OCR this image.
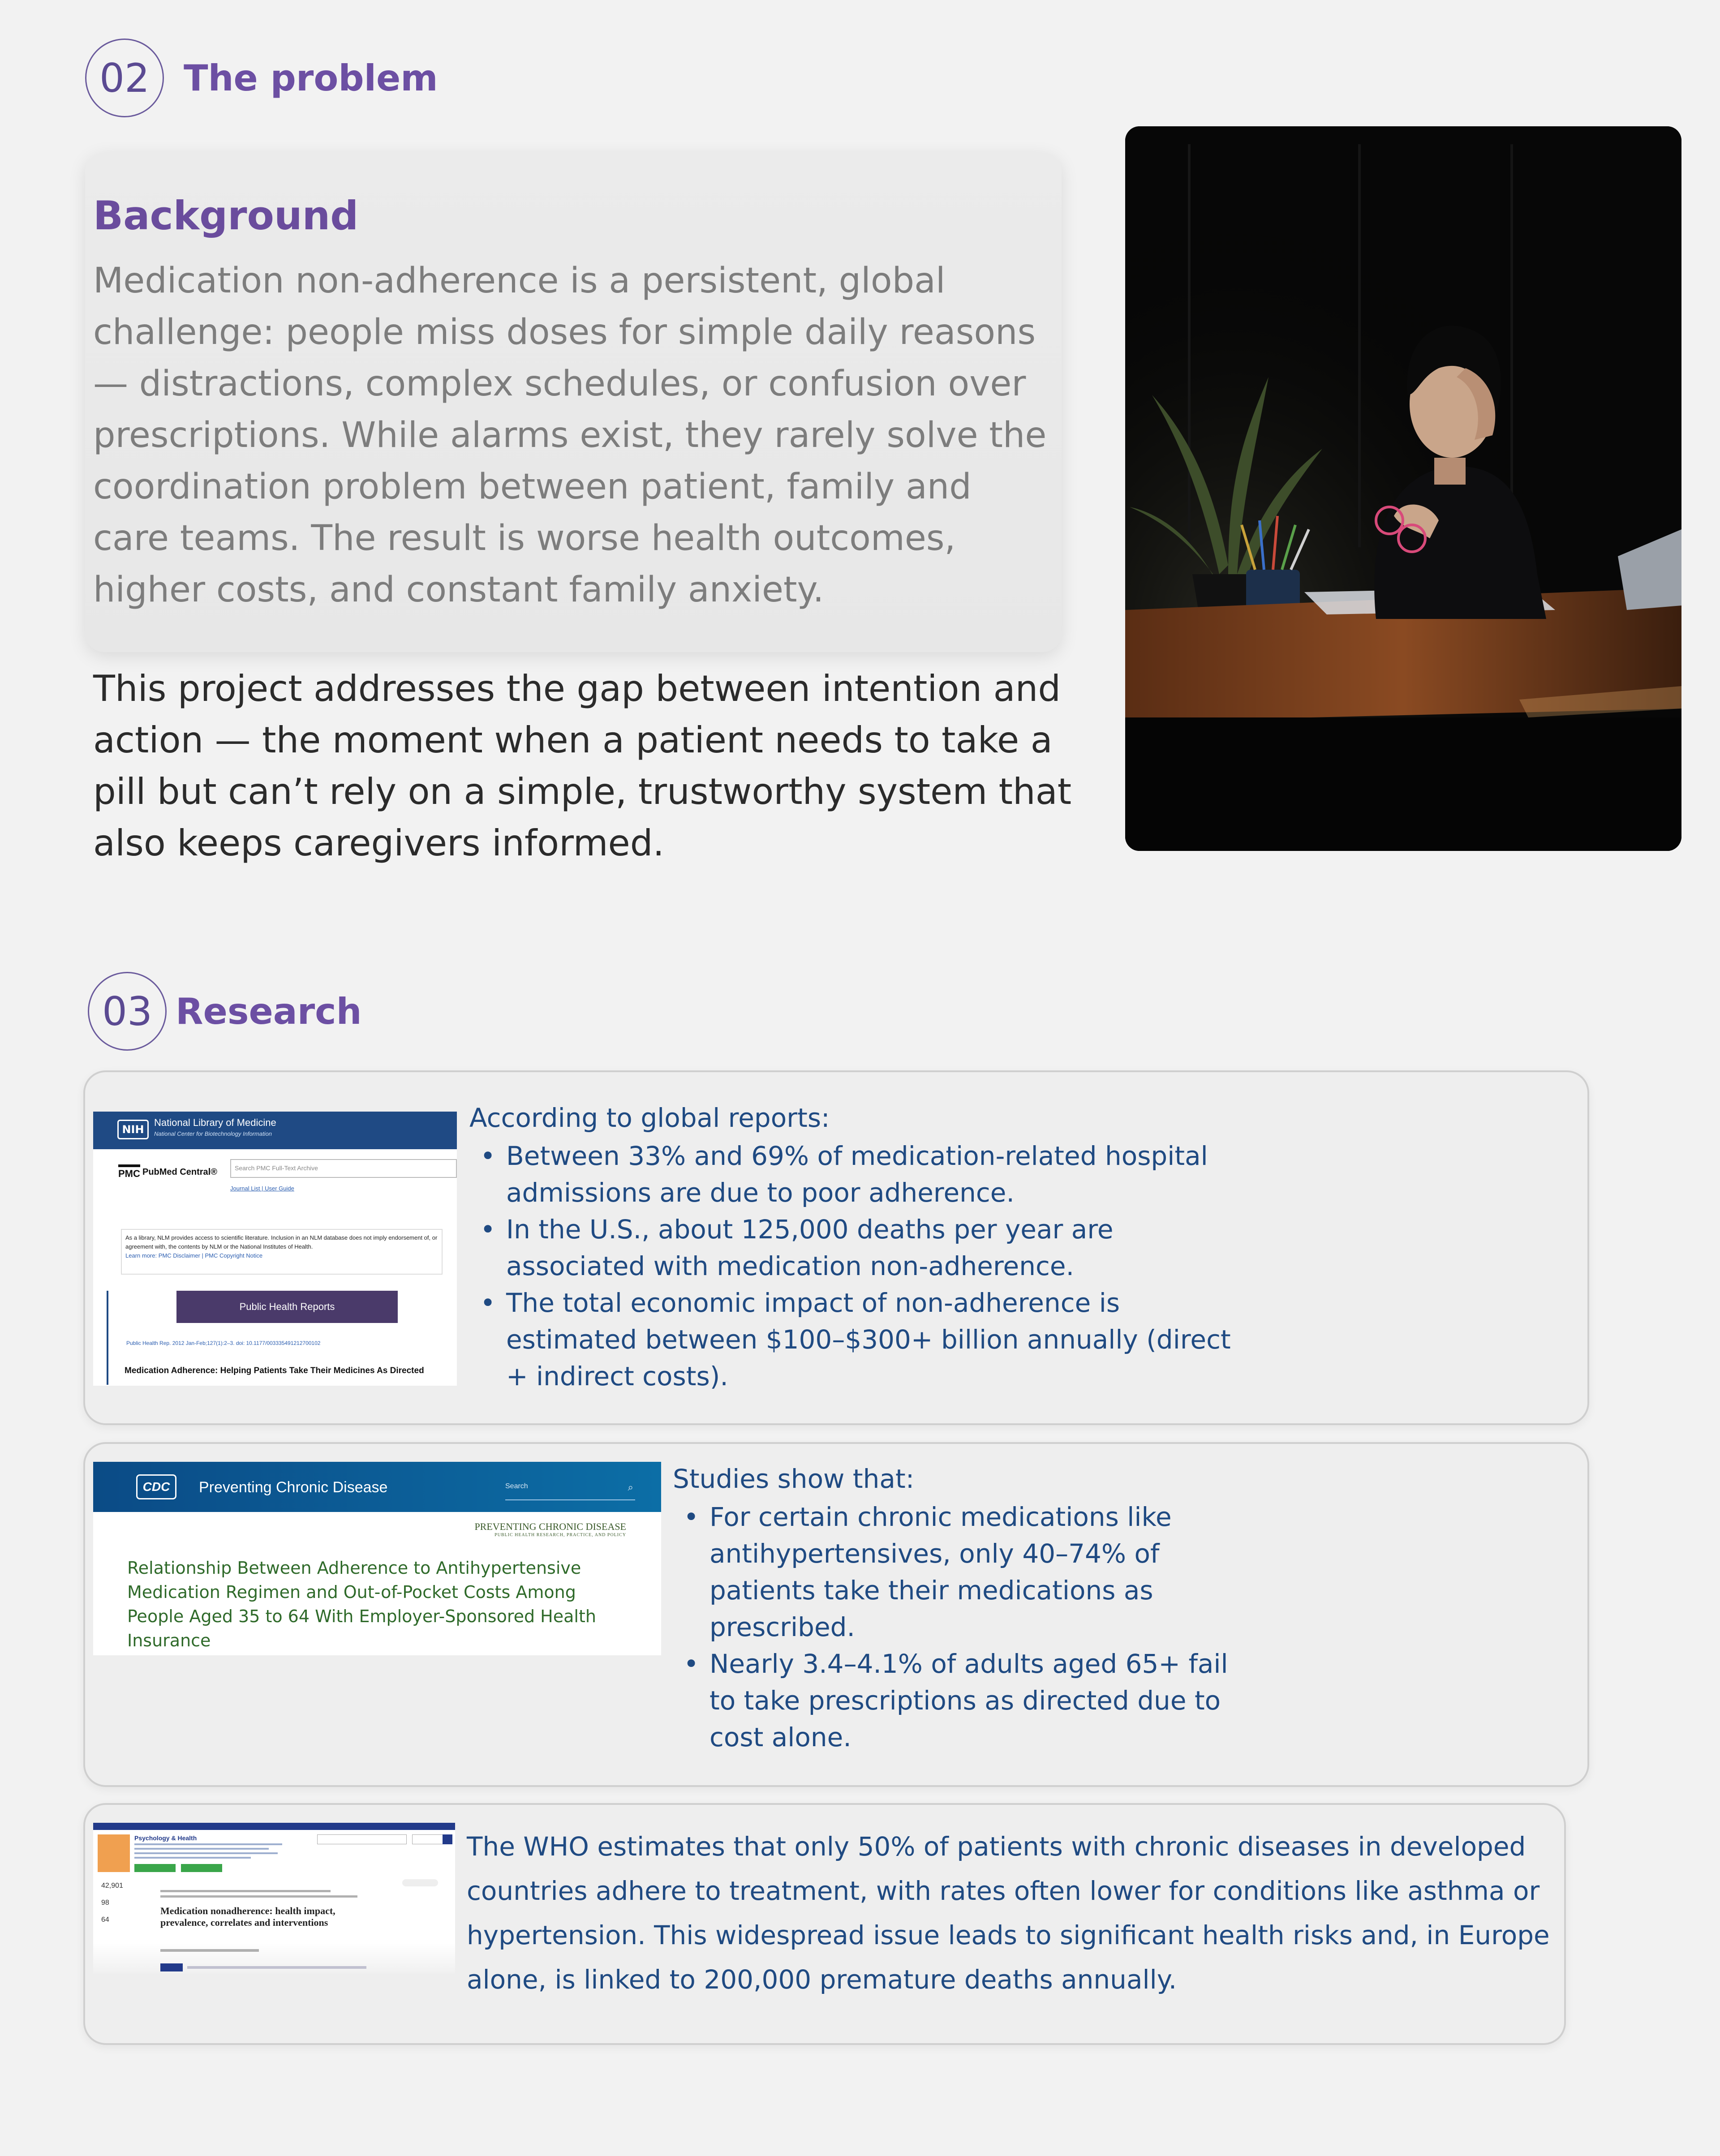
02 The problem
Background
Medication non-adherence is a persistent, global challenge: people miss doses for simple daily reasons — distractions, complex schedules, or confusion over prescriptions. While alarms exist, they rarely solve the coordination problem between patient, family and care teams. The result is worse health outcomes, higher costs, and constant family anxiety.
This project addresses the gap between intention and action — the moment when a patient needs to take a pill but can’t rely on a simple, trustworthy system that also keeps caregivers informed.
03 Research
NIH
National Library of Medicine
National Center for Biotechnology Information
PMC PubMed Central®	Search PMC Full-Text Archive
Journal List | User Guide
As a library, NLM provides access to scientific literature. Inclusion in an NLM database does not imply endorsement of, or agreement with, the contents by NLM or the National Institutes of Health.
Learn more: PMC Disclaimer | PMC Copyright Notice
Public Health Reports
Public Health Rep. 2012 Jan-Feb;127(1):2–3. doi: 10.1177/003335491212700102
Medication Adherence: Helping Patients Take Their Medicines As Directed
According to global reports:
• Between 33% and 69% of medication-related hospital admissions are due to poor adherence.
• In the U.S., about 125,000 deaths per year are associated with medication non-adherence.
• The total economic impact of non-adherence is estimated between $100–$300+ billion annually (direct + indirect costs).
CDC	Preventing Chronic Disease	Search	⌕
PREVENTING CHRONIC DISEASE
PUBLIC HEALTH RESEARCH, PRACTICE, AND POLICY
Relationship Between Adherence to Antihypertensive Medication Regimen and Out-of-Pocket Costs Among People Aged 35 to 64 With Employer-Sponsored Health Insurance
Studies show that:
• For certain chronic medications like antihypertensives, only 40–74% of patients take their medications as prescribed.
• Nearly 3.4–4.1% of adults aged 65+ fail to take prescriptions as directed due to cost alone.
Psychology & Health
42,901
98
64
Medication nonadherence: health impact,
prevalence, correlates and interventions
The WHO estimates that only 50% of patients with chronic diseases in developed countries adhere to treatment, with rates often lower for conditions like asthma or hypertension. This widespread issue leads to significant health risks and, in Europe alone, is linked to 200,000 premature deaths annually.
